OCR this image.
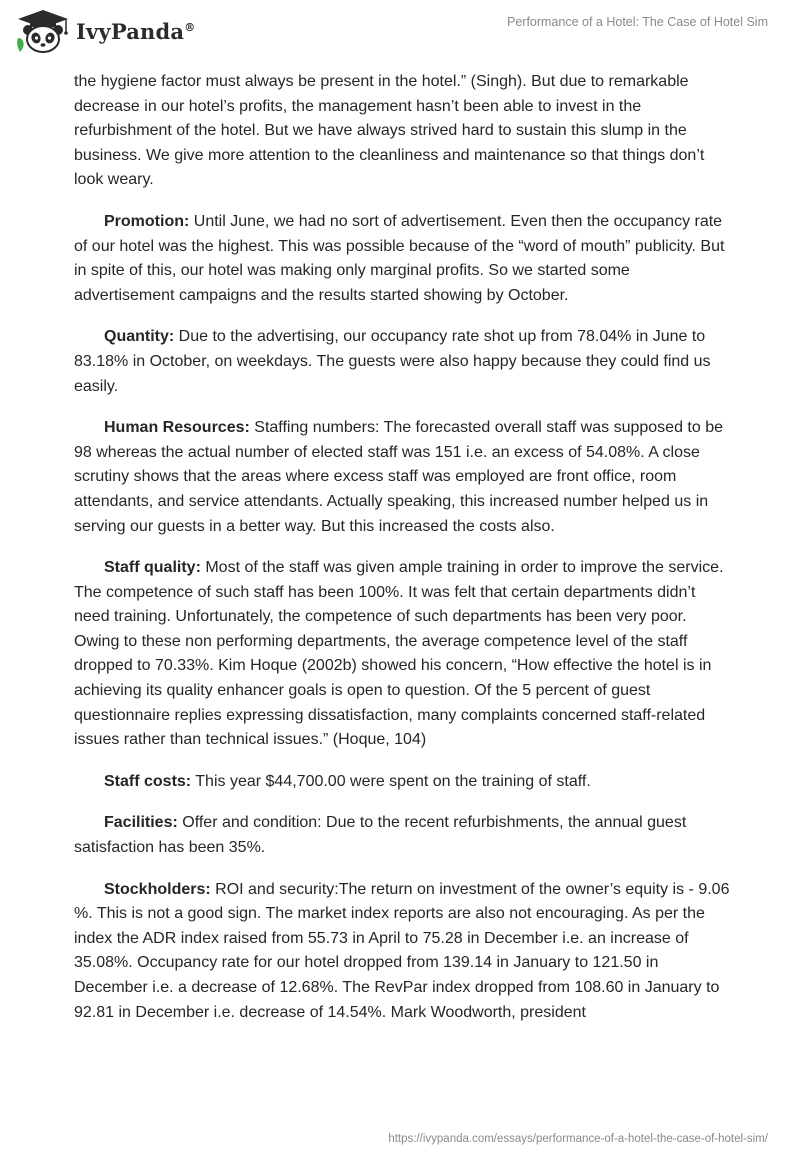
IvyPanda®	Performance of a Hotel: The Case of Hotel Sim

the hygiene factor must always be present in the hotel.” (Singh). But due to remarkable decrease in our hotel’s profits, the management hasn’t been able to invest in the refurbishment of the hotel. But we have always strived hard to sustain this slump in the business. We give more attention to the cleanliness and maintenance so that things don’t look weary.

Promotion: Until June, we had no sort of advertisement. Even then the occupancy rate of our hotel was the highest. This was possible because of the “word of mouth” publicity. But in spite of this, our hotel was making only marginal profits. So we started some advertisement campaigns and the results started showing by October.

Quantity: Due to the advertising, our occupancy rate shot up from 78.04% in June to 83.18% in October, on weekdays. The guests were also happy because they could find us easily.

Human Resources: Staffing numbers: The forecasted overall staff was supposed to be 98 whereas the actual number of elected staff was 151 i.e. an excess of 54.08%. A close scrutiny shows that the areas where excess staff was employed are front office, room attendants, and service attendants. Actually speaking, this increased number helped us in serving our guests in a better way. But this increased the costs also.

Staff quality: Most of the staff was given ample training in order to improve the service. The competence of such staff has been 100%. It was felt that certain departments didn’t need training. Unfortunately, the competence of such departments has been very poor. Owing to these non performing departments, the average competence level of the staff dropped to 70.33%. Kim Hoque (2002b) showed his concern, “How effective the hotel is in achieving its quality enhancer goals is open to question. Of the 5 percent of guest questionnaire replies expressing dissatisfaction, many complaints concerned staff-related issues rather than technical issues.” (Hoque, 104)

Staff costs: This year $44,700.00 were spent on the training of staff.

Facilities: Offer and condition: Due to the recent refurbishments, the annual guest satisfaction has been 35%.

Stockholders: ROI and security:The return on investment of the owner’s equity is - 9.06 %. This is not a good sign. The market index reports are also not encouraging. As per the index the ADR index raised from 55.73 in April to 75.28 in December i.e. an increase of 35.08%. Occupancy rate for our hotel dropped from 139.14 in January to 121.50 in December i.e. a decrease of 12.68%. The RevPar index dropped from 108.60 in January to 92.81 in December i.e. decrease of 14.54%. Mark Woodworth, president

https://ivypanda.com/essays/performance-of-a-hotel-the-case-of-hotel-sim/
